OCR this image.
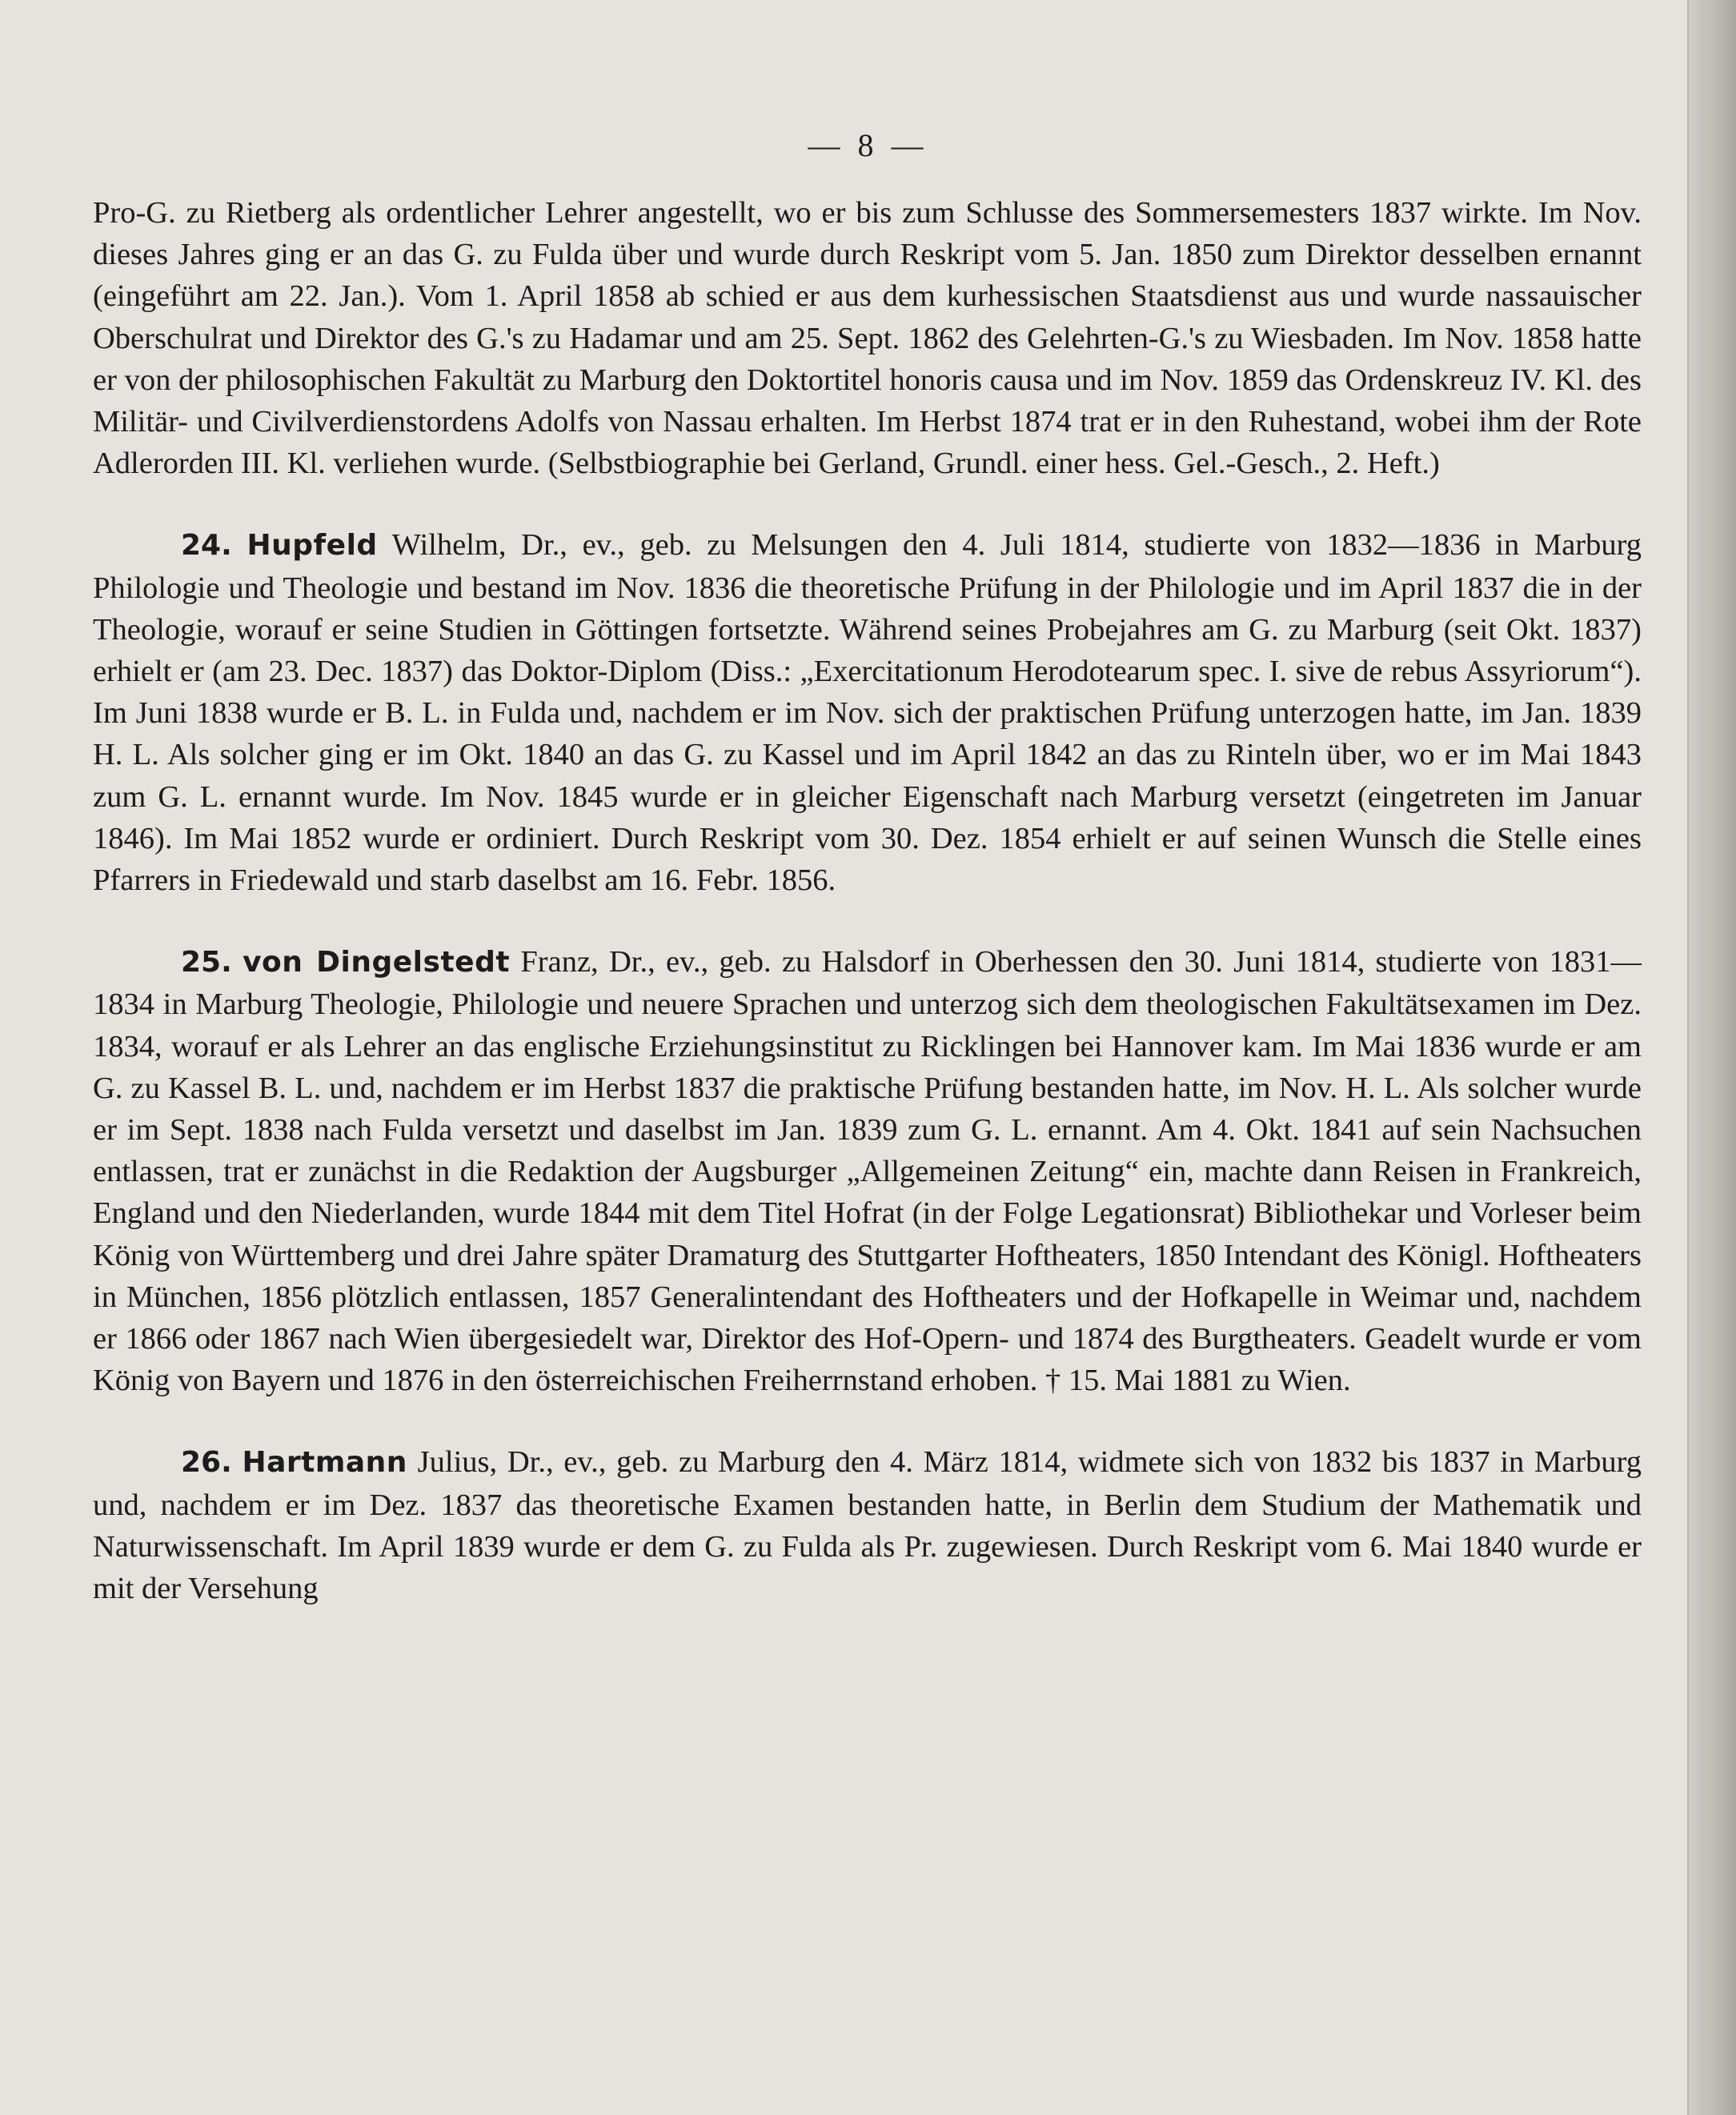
— 8 —

Pro-G. zu Rietberg als ordentlicher Lehrer angestellt, wo er bis zum Schlusse des Sommersemesters 1837 wirkte. Im Nov. dieses Jahres ging er an das G. zu Fulda über und wurde durch Reskript vom 5. Jan. 1850 zum Direktor desselben ernannt (eingeführt am 22. Jan.). Vom 1. April 1858 ab schied er aus dem kurhessischen Staatsdienst aus und wurde nassauischer Oberschulrat und Direktor des G.'s zu Hadamar und am 25. Sept. 1862 des Gelehrten-G.'s zu Wiesbaden. Im Nov. 1858 hatte er von der philosophischen Fakultät zu Marburg den Doktortitel honoris causa und im Nov. 1859 das Ordenskreuz IV. Kl. des Militär- und Civilverdienstordens Adolfs von Nassau erhalten. Im Herbst 1874 trat er in den Ruhestand, wobei ihm der Rote Adlerorden III. Kl. verliehen wurde. (Selbstbiographie bei Gerland, Grundl. einer hess. Gel.-Gesch., 2. Heft.)

24. Hupfeld Wilhelm, Dr., ev., geb. zu Melsungen den 4. Juli 1814, studierte von 1832—1836 in Marburg Philologie und Theologie und bestand im Nov. 1836 die theoretische Prüfung in der Philologie und im April 1837 die in der Theologie, worauf er seine Studien in Göttingen fortsetzte. Während seines Probejahres am G. zu Marburg (seit Okt. 1837) erhielt er (am 23. Dec. 1837) das Doktor-Diplom (Diss.: „Exercitationum Herodotearum spec. I. sive de rebus Assyriorum“). Im Juni 1838 wurde er B. L. in Fulda und, nachdem er im Nov. sich der praktischen Prüfung unterzogen hatte, im Jan. 1839 H. L. Als solcher ging er im Okt. 1840 an das G. zu Kassel und im April 1842 an das zu Rinteln über, wo er im Mai 1843 zum G. L. ernannt wurde. Im Nov. 1845 wurde er in gleicher Eigenschaft nach Marburg versetzt (eingetreten im Januar 1846). Im Mai 1852 wurde er ordiniert. Durch Reskript vom 30. Dez. 1854 erhielt er auf seinen Wunsch die Stelle eines Pfarrers in Friedewald und starb daselbst am 16. Febr. 1856.

25. von Dingelstedt Franz, Dr., ev., geb. zu Halsdorf in Oberhessen den 30. Juni 1814, studierte von 1831—1834 in Marburg Theologie, Philologie und neuere Sprachen und unterzog sich dem theologischen Fakultätsexamen im Dez. 1834, worauf er als Lehrer an das englische Erziehungsinstitut zu Ricklingen bei Hannover kam. Im Mai 1836 wurde er am G. zu Kassel B. L. und, nachdem er im Herbst 1837 die praktische Prüfung bestanden hatte, im Nov. H. L. Als solcher wurde er im Sept. 1838 nach Fulda versetzt und daselbst im Jan. 1839 zum G. L. ernannt. Am 4. Okt. 1841 auf sein Nachsuchen entlassen, trat er zunächst in die Redaktion der Augsburger „Allgemeinen Zeitung“ ein, machte dann Reisen in Frankreich, England und den Niederlanden, wurde 1844 mit dem Titel Hofrat (in der Folge Legationsrat) Bibliothekar und Vorleser beim König von Württemberg und drei Jahre später Dramaturg des Stuttgarter Hoftheaters, 1850 Intendant des Königl. Hoftheaters in München, 1856 plötzlich entlassen, 1857 Generalintendant des Hoftheaters und der Hofkapelle in Weimar und, nachdem er 1866 oder 1867 nach Wien übergesiedelt war, Direktor des Hof-Opern- und 1874 des Burgtheaters. Geadelt wurde er vom König von Bayern und 1876 in den österreichischen Freiherrnstand erhoben. † 15. Mai 1881 zu Wien.

26. Hartmann Julius, Dr., ev., geb. zu Marburg den 4. März 1814, widmete sich von 1832 bis 1837 in Marburg und, nachdem er im Dez. 1837 das theoretische Examen bestanden hatte, in Berlin dem Studium der Mathematik und Naturwissenschaft. Im April 1839 wurde er dem G. zu Fulda als Pr. zugewiesen. Durch Reskript vom 6. Mai 1840 wurde er mit der Versehung
